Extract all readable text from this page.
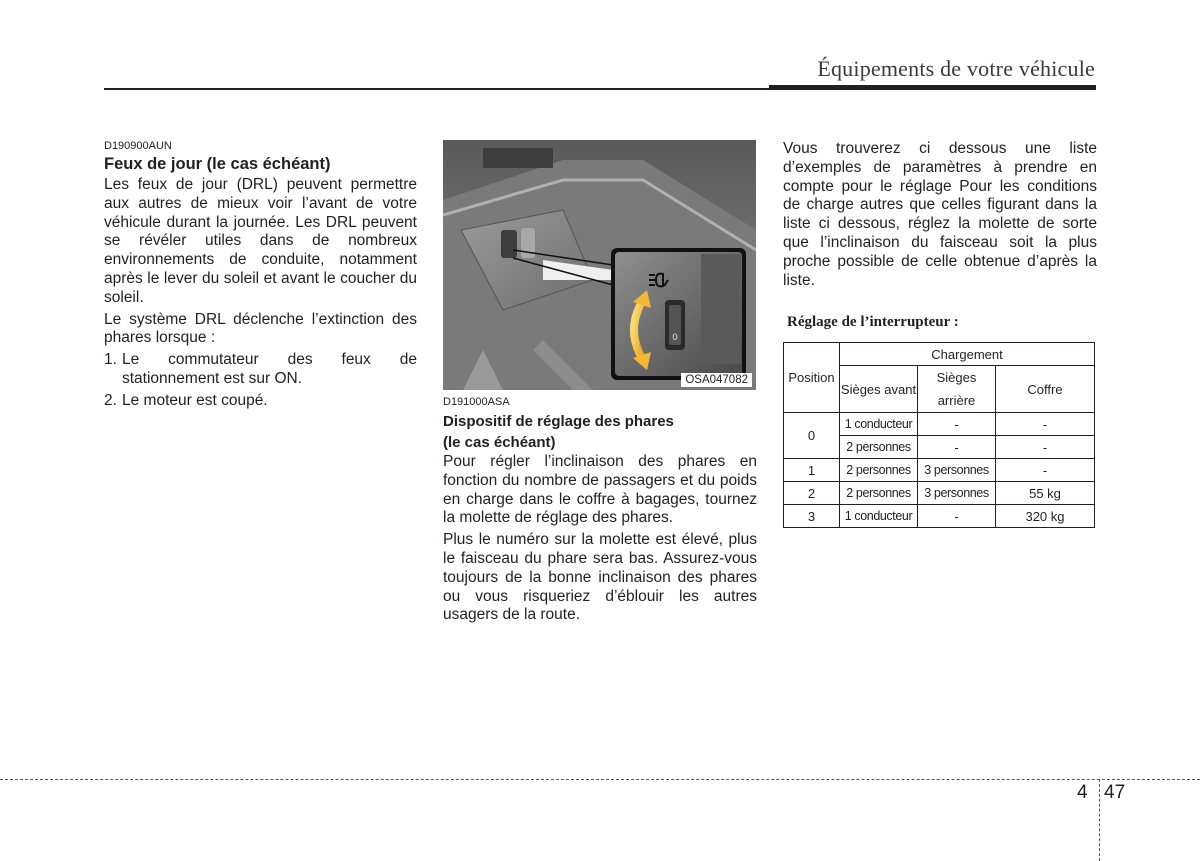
Équipements de votre véhicule
D190900AUN
Feux de jour (le cas échéant)

Les feux de jour (DRL) peuvent permettre aux autres de mieux voir l’avant de votre véhicule durant la journée. Les DRL peuvent se révéler utiles dans de nombreux environnements de conduite, notamment après le lever du soleil et avant le coucher du soleil.

Le système DRL déclenche l’extinction des phares lorsque :

1. Le commutateur des feux de stationnement est sur ON.
2. Le moteur est coupé.
0
OSA047082
D191000ASA
Dispositif de réglage des phares
(le cas échéant)

Pour régler l’inclinaison des phares en fonction du nombre de passagers et du poids en charge dans le coffre à bagages, tournez la molette de réglage des phares.

Plus le numéro sur la molette est élevé, plus le faisceau du phare sera bas. Assurez-vous toujours de la bonne inclinaison des phares ou vous risqueriez d’éblouir les autres usagers de la route.

Vous trouverez ci dessous une liste d’exemples de paramètres à prendre en compte pour le réglage Pour les conditions de charge autres que celles figurant dans la liste ci dessous, réglez la molette de sorte que l’inclinaison du faisceau soit la plus proche possible de celle obtenue d’après la liste.

Réglage de l’interrupteur :
Position	Chargement		
	Sièges avant	Sièges arrière	Coffre
0	1 conducteur	-	-
	2 personnes	-	-
1	2 personnes	3 personnes	-
2	2 personnes	3 personnes	55 kg
3	1 conducteur	-	320 kg
4 47
